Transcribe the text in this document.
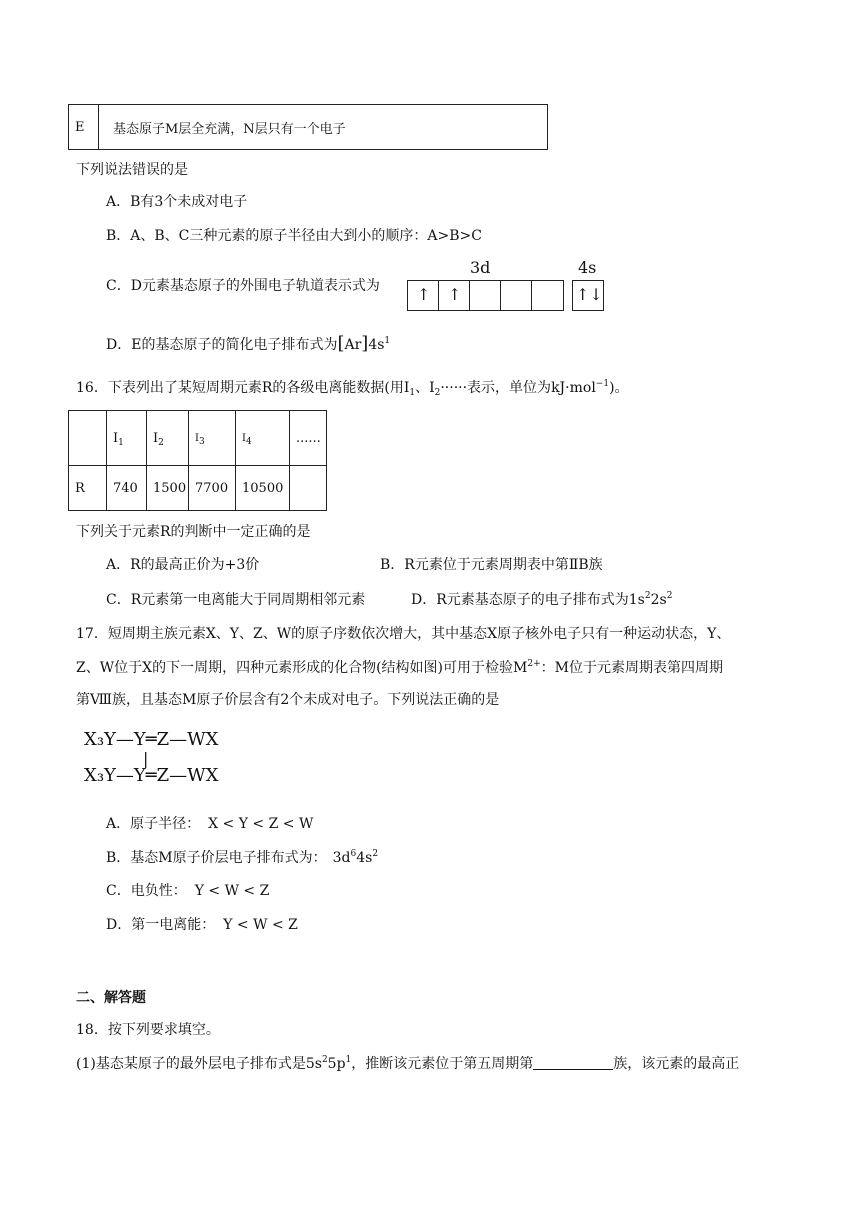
E	基态原子M层全充满，N层只有一个电子
下列说法错误的是
A．B有3个未成对电子
B．A、B、C三种元素的原子半径由大到小的顺序：A>B>C
C．D元素基态原子的外围电子轨道表示式为
3d	4s
↑ ↑	↑↓
D．E的基态原子的简化电子排布式为$[Ar]4s^1$
16．下表列出了某短周期元素R的各级电离能数据(用$I_1$、$I_2\cdot\cdot\cdot\cdot\cdot\cdot$表示，单位为kJ·mol$^{-1}$)。
	$I_1$	$I_2$	$I_3$	$I_4$	......
R	740	1500	7700	10500	
下列关于元素R的判断中一定正确的是
A．R的最高正价为+3价	B．R元素位于元素周期表中第ⅡB族
C．R元素第一电离能大于同周期相邻元素	D．R元素基态原子的电子排布式为$1s^22s^2$
17．短周期主族元素X、Y、Z、W的原子序数依次增大，其中基态X原子核外电子只有一种运动状态，Y、
Z、W位于X的下一周期，四种元素形成的化合物(结构如图)可用于检验$M^{2+}$：M位于元素周期表第四周期
第Ⅷ族，且基态M原子价层含有2个未成对电子。下列说法正确的是
X₃Y—Y═Z—WX
|
X₃Y—Y═Z—WX
A．原子半径： X < Y < Z < W
B．基态M原子价层电子排布式为： $3d^64s^2$
C．电负性： Y < W < Z
D．第一电离能： Y < W < Z
二、解答题
18．按下列要求填空。
(1)基态某原子的最外层电子排布式是$5s^25p^1$，推断该元素位于第五周期第	族，该元素的最高正
